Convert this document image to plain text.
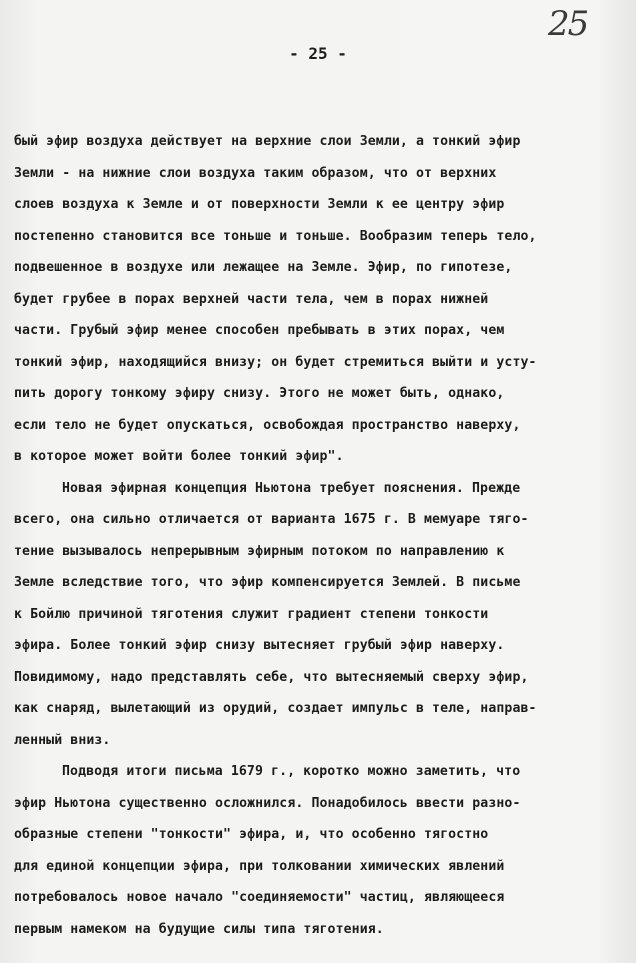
25
- 25 -
бый эфир воздуха действует на верхние слои Земли, а тонкий эфир
Земли - на нижние слои воздуха таким образом, что от верхних
слоев воздуха к Земле и от поверхности Земли к ее центру эфир
постепенно становится все тоньше и тоньше. Вообразим теперь тело,
подвешенное в воздухе или лежащее на Земле. Эфир, по гипотезе,
будет грубее в порах верхней части тела, чем в порах нижней
части. Грубый эфир менее способен пребывать в этих порах, чем
тонкий эфир, находящийся внизу; он будет стремиться выйти и усту-
пить дорогу тонкому эфиру снизу. Этого не может быть, однако,
если тело не будет опускаться, освобождая пространство наверху,
в которое может войти более тонкий эфир".
Новая эфирная концепция Ньютона требует пояснения. Прежде
всего, она сильно отличается от варианта 1675 г. В мемуаре тяго-
тение вызывалось непрерывным эфирным потоком по направлению к
Земле вследствие того, что эфир компенсируется Землей. В письме
к Бойлю причиной тяготения служит градиент степени тонкости
эфира. Более тонкий эфир снизу вытесняет грубый эфир наверху.
Повидимому, надо представлять себе, что вытесняемый сверху эфир,
как снаряд, вылетающий из орудий, создает импульс в теле, направ-
ленный вниз.
Подводя итоги письма 1679 г., коротко можно заметить, что
эфир Ньютона существенно осложнился. Понадобилось ввести разно-
образные степени "тонкости" эфира, и, что особенно тягостно
для единой концепции эфира, при толковании химических явлений
потребовалось новое начало "соединяемости" частиц, являющееся
первым намеком на будущие силы типа тяготения.
